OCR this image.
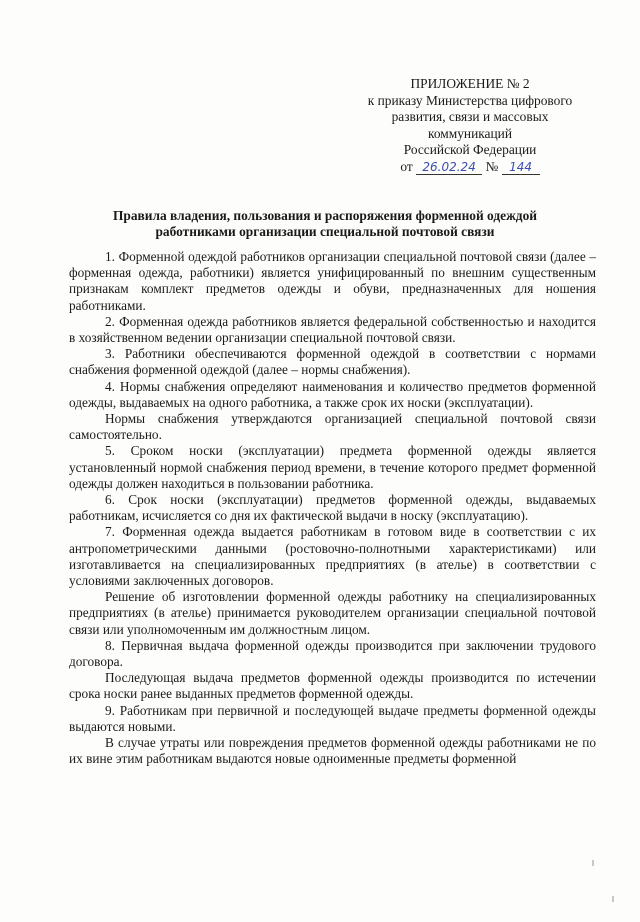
ПРИЛОЖЕНИЕ № 2
к приказу Министерства цифрового
развития, связи и массовых
коммуникаций
Российской Федерации
от 26.02.24 № 144
Правила владения, пользования и распоряжения форменной одеждой
работниками организации специальной почтовой связи

1. Форменной одеждой работников организации специальной почтовой связи (далее – форменная одежда, работники) является унифицированный по внешним существенным признакам комплект предметов одежды и обуви, предназначенных для ношения работниками.

2. Форменная одежда работников является федеральной собственностью и находится в хозяйственном ведении организации специальной почтовой связи.

3. Работники обеспечиваются форменной одеждой в соответствии с нормами снабжения форменной одеждой (далее – нормы снабжения).

4. Нормы снабжения определяют наименования и количество предметов форменной одежды, выдаваемых на одного работника, а также срок их носки (эксплуатации).

Нормы снабжения утверждаются организацией специальной почтовой связи самостоятельно.

5. Сроком носки (эксплуатации) предмета форменной одежды является установленный нормой снабжения период времени, в течение которого предмет форменной одежды должен находиться в пользовании работника.

6. Срок носки (эксплуатации) предметов форменной одежды, выдаваемых работникам, исчисляется со дня их фактической выдачи в носку (эксплуатацию).

7. Форменная одежда выдается работникам в готовом виде в соответствии с их антропометрическими данными (ростовочно-полнотными характеристиками) или изготавливается на специализированных предприятиях (в ателье) в соответствии с условиями заключенных договоров.

Решение об изготовлении форменной одежды работнику на специализированных предприятиях (в ателье) принимается руководителем организации специальной почтовой связи или уполномоченным им должностным лицом.

8. Первичная выдача форменной одежды производится при заключении трудового договора.

Последующая выдача предметов форменной одежды производится по истечении срока носки ранее выданных предметов форменной одежды.

9. Работникам при первичной и последующей выдаче предметы форменной одежды выдаются новыми.

В случае утраты или повреждения предметов форменной одежды работниками не по их вине этим работникам выдаются новые одноименные предметы форменной
